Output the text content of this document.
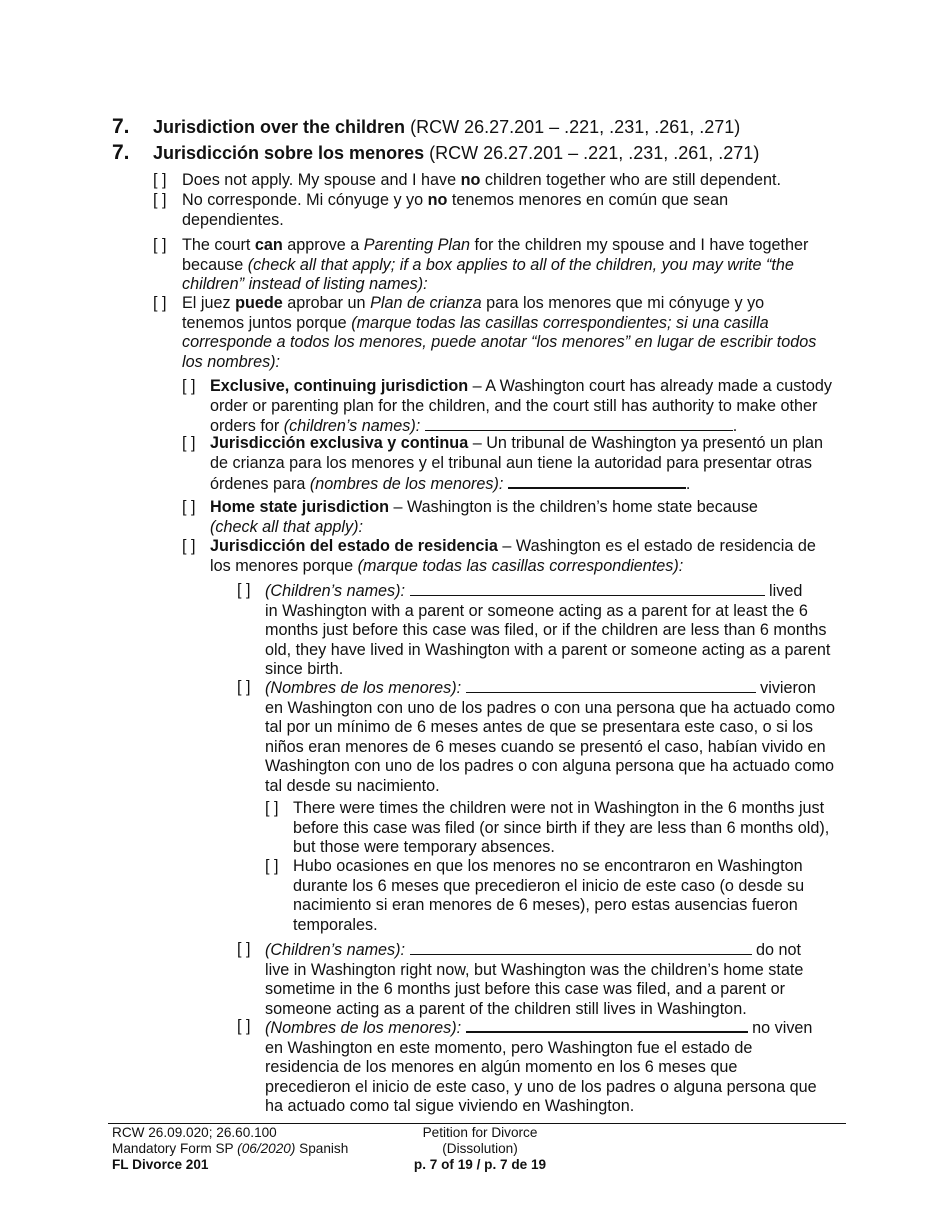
7. Jurisdiction over the children (RCW 26.27.201 – .221, .231, .261, .271)
7. Jurisdicción sobre los menores (RCW 26.27.201 – .221, .231, .261, .271)
[ ] Does not apply. My spouse and I have no children together who are still dependent.
[ ] No corresponde. Mi cónyuge y yo no tenemos menores en común que sean dependientes.
[ ] The court can approve a Parenting Plan for the children my spouse and I have together because (check all that apply; if a box applies to all of the children, you may write “the children” instead of listing names):
[ ] El juez puede aprobar un Plan de crianza para los menores que mi cónyuge y yo tenemos juntos porque (marque todas las casillas correspondientes; si una casilla corresponde a todos los menores, puede anotar “los menores” en lugar de escribir todos los nombres):
[ ] Exclusive, continuing jurisdiction – A Washington court has already made a custody order or parenting plan for the children, and the court still has authority to make other orders for (children’s names):	.
[ ] Jurisdicción exclusiva y continua – Un tribunal de Washington ya presentó un plan de crianza para los menores y el tribunal aun tiene la autoridad para presentar otras órdenes para (nombres de los menores):	.
[ ] Home state jurisdiction – Washington is the children’s home state because (check all that apply):
[ ] Jurisdicción del estado de residencia – Washington es el estado de residencia de los menores porque (marque todas las casillas correspondientes):
[ ] (Children’s names):	lived
in Washington with a parent or someone acting as a parent for at least the 6 months just before this case was filed, or if the children are less than 6 months old, they have lived in Washington with a parent or someone acting as a parent since birth.
[ ] (Nombres de los menores):	vivieron
en Washington con uno de los padres o con una persona que ha actuado como tal por un mínimo de 6 meses antes de que se presentara este caso, o si los niños eran menores de 6 meses cuando se presentó el caso, habían vivido en Washington con uno de los padres o con alguna persona que ha actuado como tal desde su nacimiento.
[ ] There were times the children were not in Washington in the 6 months just before this case was filed (or since birth if they are less than 6 months old), but those were temporary absences.
[ ] Hubo ocasiones en que los menores no se encontraron en Washington durante los 6 meses que precedieron el inicio de este caso (o desde su nacimiento si eran menores de 6 meses), pero estas ausencias fueron temporales.
[ ] (Children’s names):	do not
live in Washington right now, but Washington was the children’s home state sometime in the 6 months just before this case was filed, and a parent or someone acting as a parent of the children still lives in Washington.
[ ] (Nombres de los menores):	no viven
en Washington en este momento, pero Washington fue el estado de residencia de los menores en algún momento en los 6 meses que precedieron el inicio de este caso, y uno de los padres o alguna persona que ha actuado como tal sigue viviendo en Washington.
RCW 26.09.020; 26.60.100
Mandatory Form SP (06/2020) Spanish
FL Divorce 201
Petition for Divorce
(Dissolution)
p. 7 of 19 / p. 7 de 19
